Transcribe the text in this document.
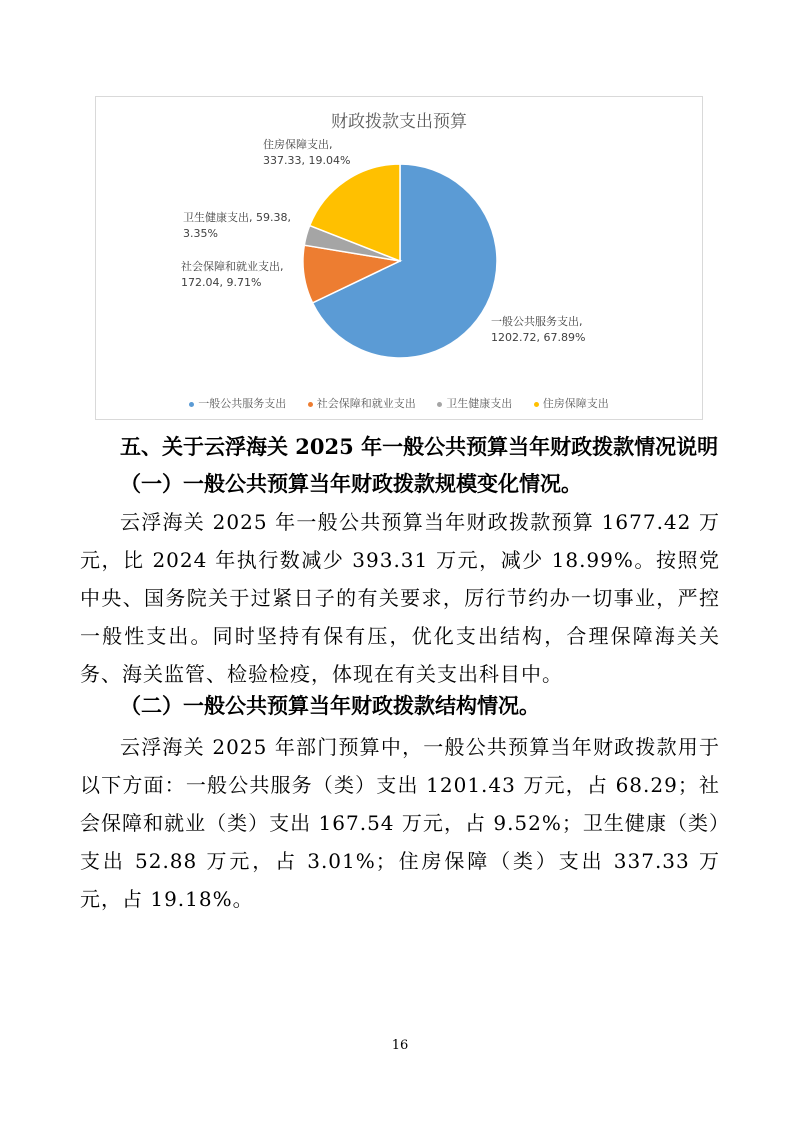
财政拨款支出预算
一般公共服务支出, 1202.72, 67.89%
社会保障和就业支出, 172.04, 9.71%
卫生健康支出, 59.38, 3.35%
住房保障支出, 337.33, 19.04%
一般公共服务支出	社会保障和就业支出	卫生健康支出	住房保障支出
五、关于云浮海关 2025 年一般公共预算当年财政拨款情况说明
（一）一般公共预算当年财政拨款规模变化情况。
云浮海关 2025 年一般公共预算当年财政拨款预算 1677.42 万元，比 2024 年执行数减少 393.31 万元，减少 18.99%。按照党中央、国务院关于过紧日子的有关要求，厉行节约办一切事业，严控一般性支出。同时坚持有保有压，优化支出结构，合理保障海关关务、海关监管、检验检疫，体现在有关支出科目中。
（二）一般公共预算当年财政拨款结构情况。
云浮海关 2025 年部门预算中，一般公共预算当年财政拨款用于以下方面：一般公共服务（类）支出 1201.43 万元，占 68.29；社会保障和就业（类）支出 167.54 万元，占 9.52%；卫生健康（类）支出 52.88 万元，占 3.01%；住房保障（类）支出 337.33 万元，占 19.18%。
16
